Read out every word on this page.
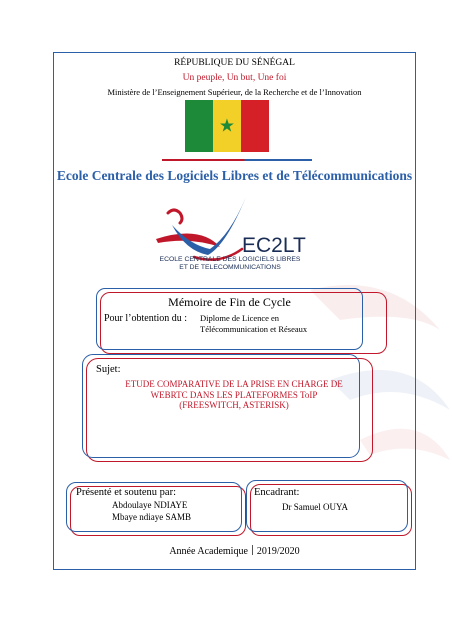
RÉPUBLIQUE DU SÉNÉGAL
Un peuple, Un but, Une foi
Ministère de l’Enseignement Supérieur, de la Recherche et de l’Innovation
★
Ecole Centrale des Logiciels Libres et de Télécommunications
EC2LT
ECOLE CENTRALE DES LOGICIELS LIBRES
ET DE TELECOMMUNICATIONS
Mémoire de Fin de Cycle
Pour l’obtention du : Diplome de Licence en
Télécommunication et Réseaux
Sujet:
ETUDE COMPARATIVE DE LA PRISE EN CHARGE DE
WEBRTC DANS LES PLATEFORMES ToIP
(FREESWITCH, ASTERISK)
Présenté et soutenu par:
Abdoulaye NDIAYE
Mbaye ndiaye SAMB
Encadrant:
Dr Samuel OUYA
Année Academique 2019/2020
